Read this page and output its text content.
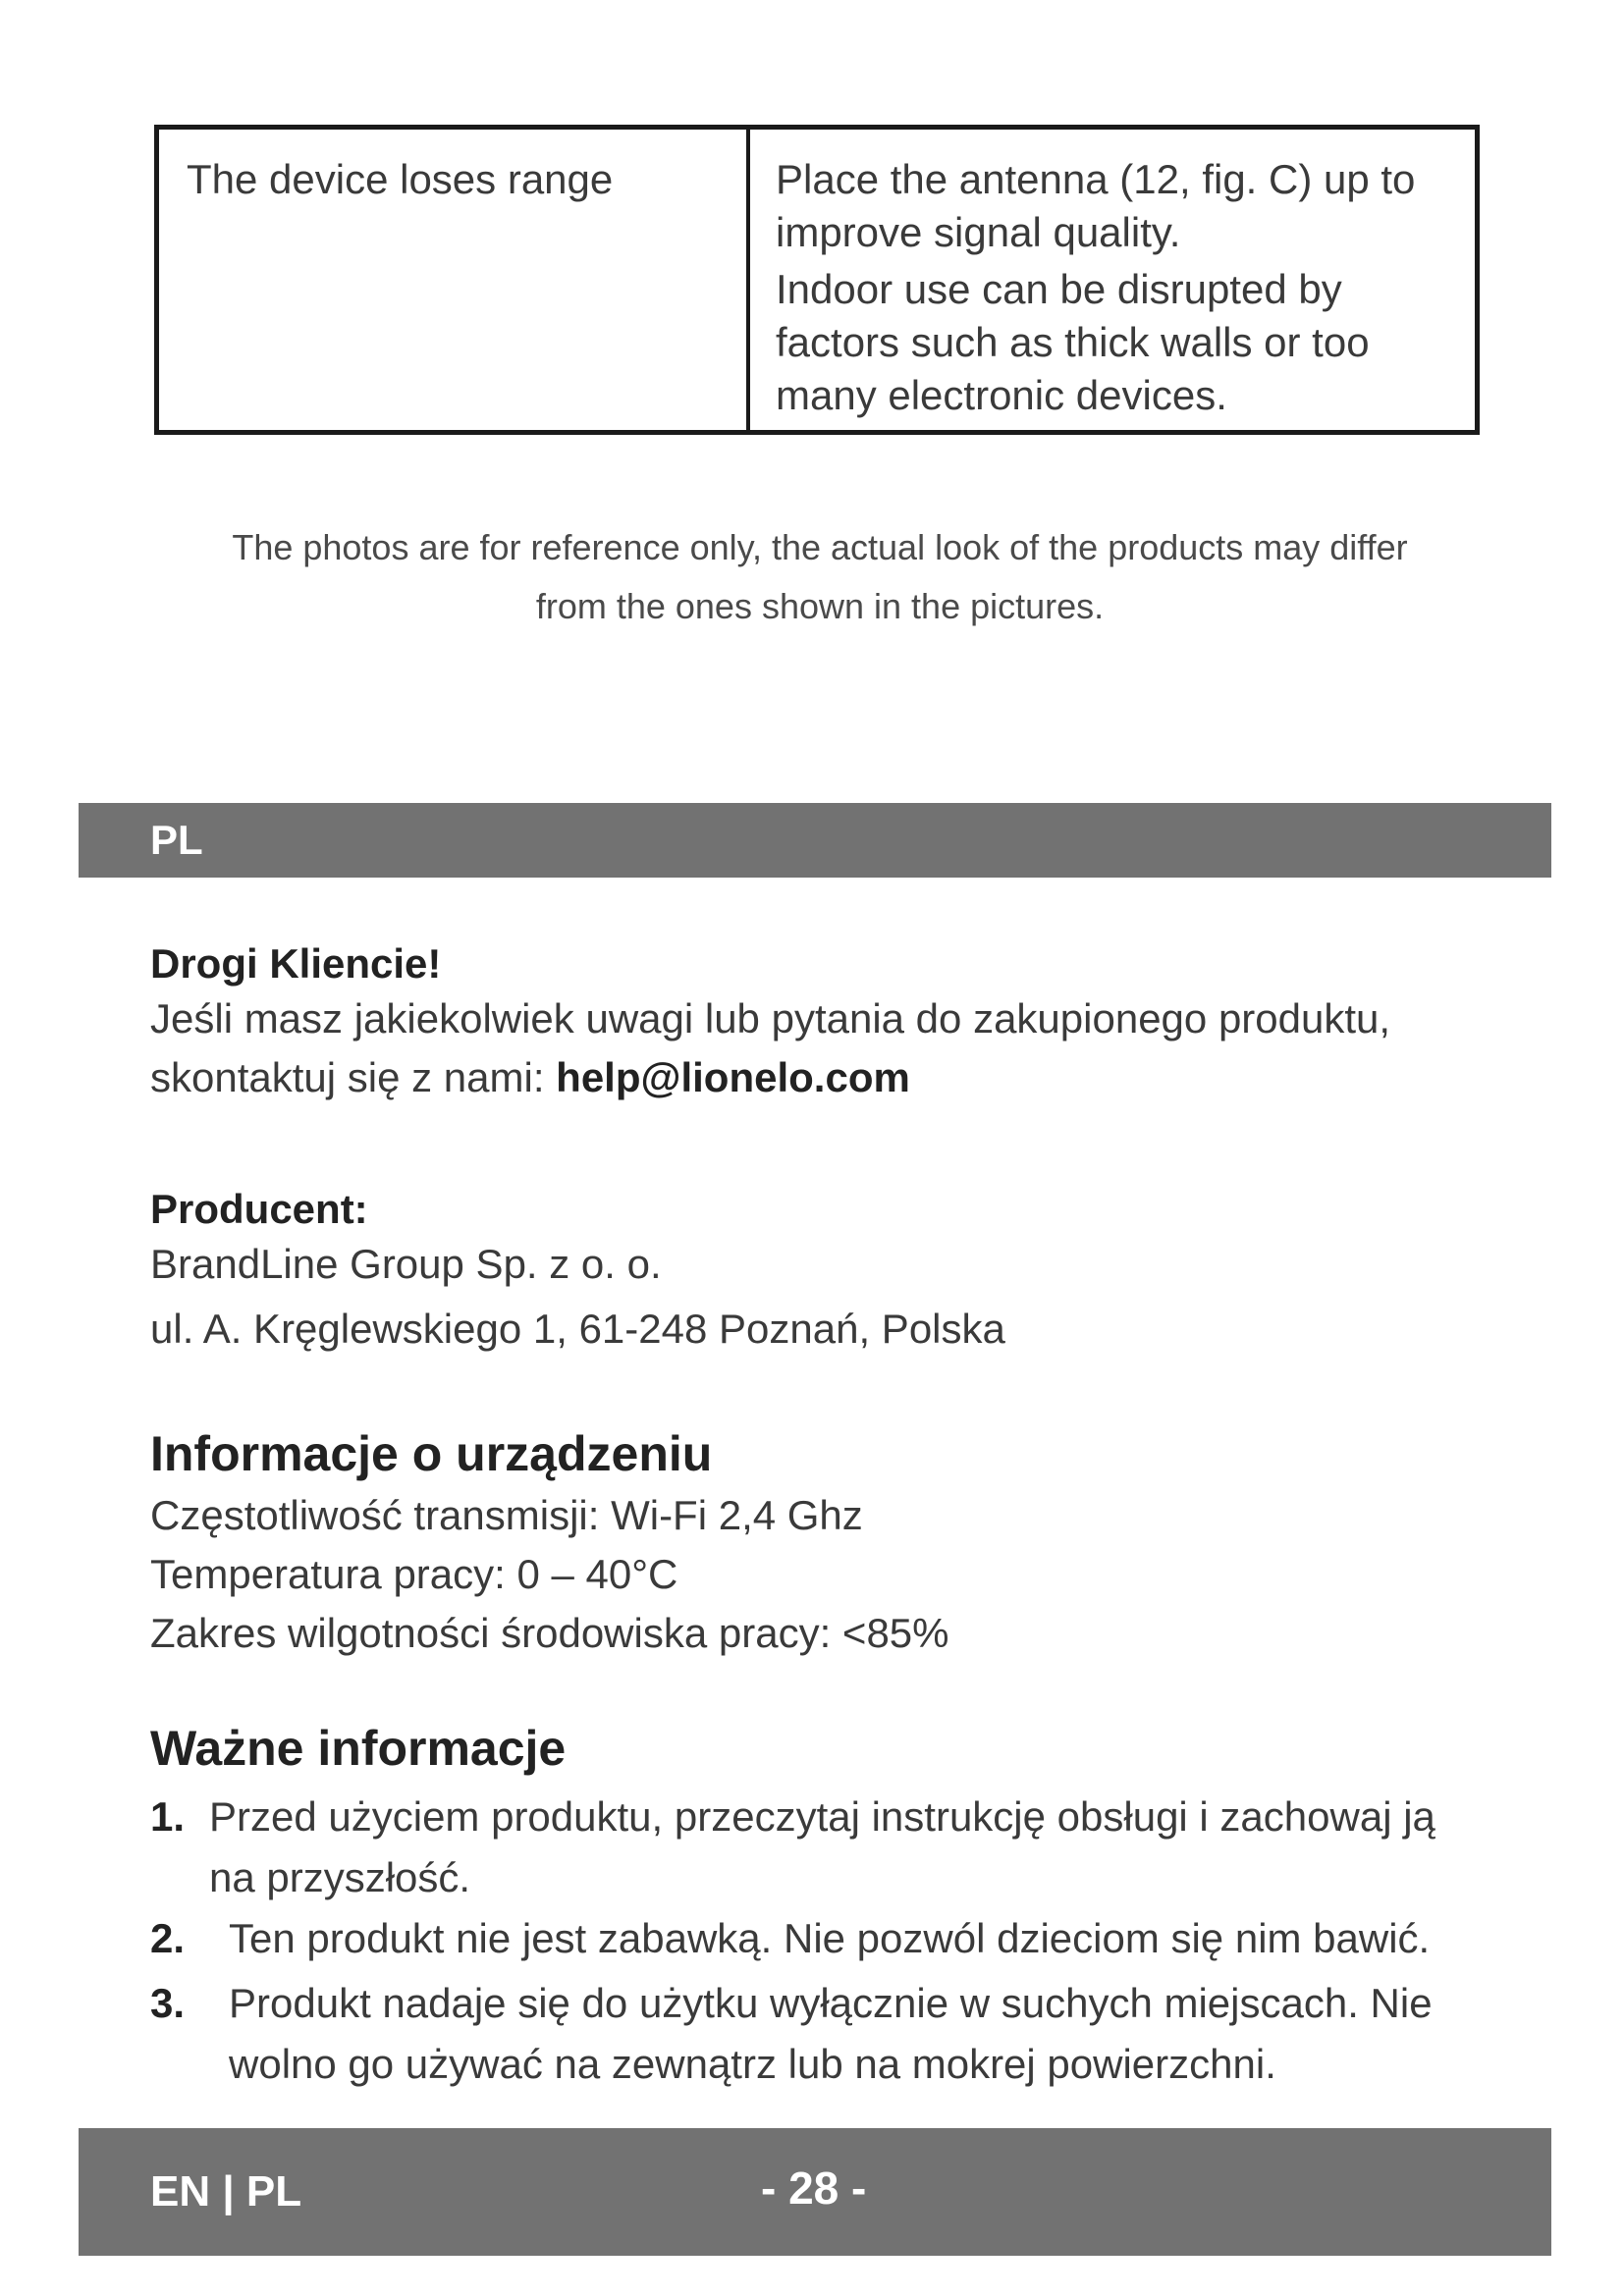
The device loses range	Place the antenna (12, fig. C) up to improve signal quality.

Indoor use can be disrupted by factors such as thick walls or too many electronic devices.

The photos are for reference only, the actual look of the products may differ
from the ones shown in the pictures.
PL
Drogi Kliencie!
Jeśli masz jakiekolwiek uwagi lub pytania do zakupionego produktu,
skontaktuj się z nami: help@lionelo.com
Producent:
BrandLine Group Sp. z o. o.
ul. A. Kręglewskiego 1, 61-248 Poznań, Polska
Informacje o urządzeniu
Częstotliwość transmisji: Wi-Fi 2,4 Ghz
Temperatura pracy: 0 – 40°C
Zakres wilgotności środowiska pracy: <85%
Ważne informacje
1. Przed użyciem produktu, przeczytaj instrukcję obsługi i zachowaj ją na przyszłość.
2. Ten produkt nie jest zabawką. Nie pozwól dzieciom się nim bawić.
3. Produkt nadaje się do użytku wyłącznie w suchych miejscach. Nie wolno go używać na zewnątrz lub na mokrej powierzchni.
EN | PL	- 28 -
